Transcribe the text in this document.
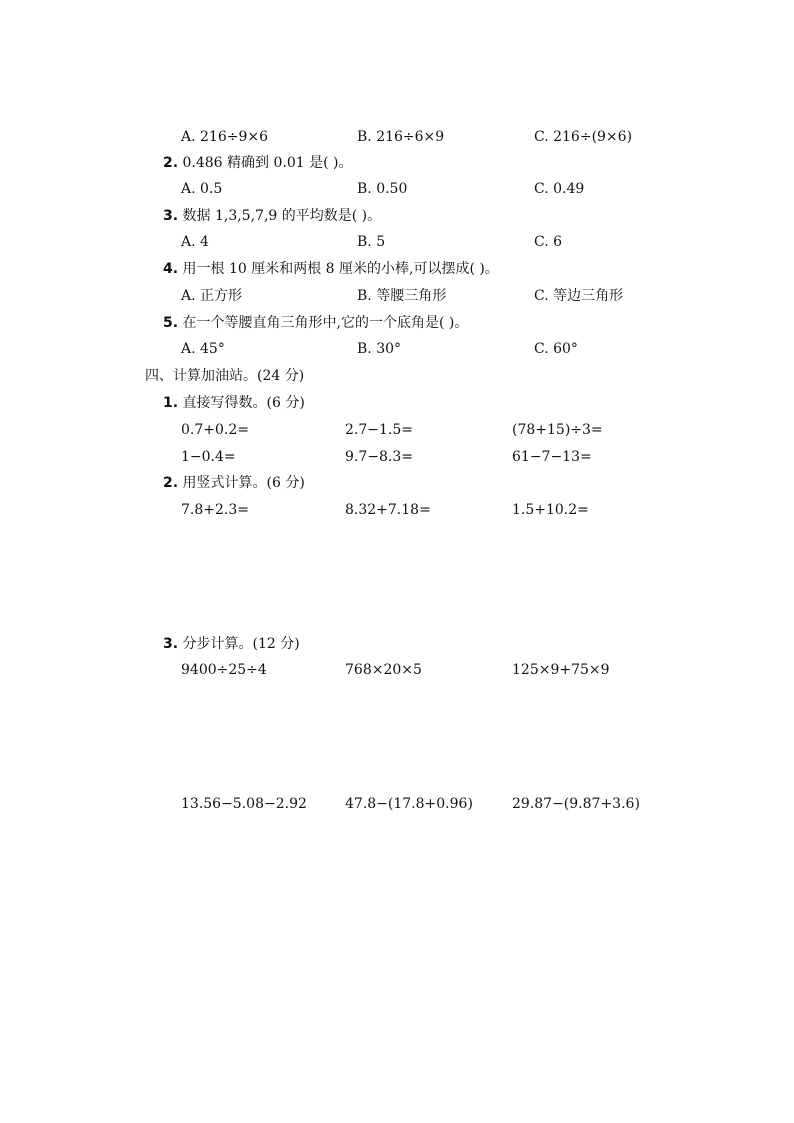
A. 216÷9×6	B. 216÷6×9	C. 216÷(9×6)
2. 0.486 精确到 0.01 是( )。
A. 0.5	B. 0.50	C. 0.49
3. 数据 1,3,5,7,9 的平均数是( )。
A. 4	B. 5	C. 6
4. 用一根 10 厘米和两根 8 厘米的小棒,可以摆成( )。
A. 正方形	B. 等腰三角形	C. 等边三角形
5. 在一个等腰直角三角形中,它的一个底角是( )。
A. 45°	B. 30°	C. 60°
四、计算加油站。(24 分)
1. 直接写得数。(6 分)
0.7+0.2=	2.7−1.5=	(78+15)÷3=
1−0.4=	9.7−8.3=	61−7−13=
2. 用竖式计算。(6 分)
7.8+2.3=	8.32+7.18=	1.5+10.2=
3. 分步计算。(12 分)
9400÷25÷4	768×20×5	125×9+75×9
13.56−5.08−2.92	47.8−(17.8+0.96)	29.87−(9.87+3.6)
